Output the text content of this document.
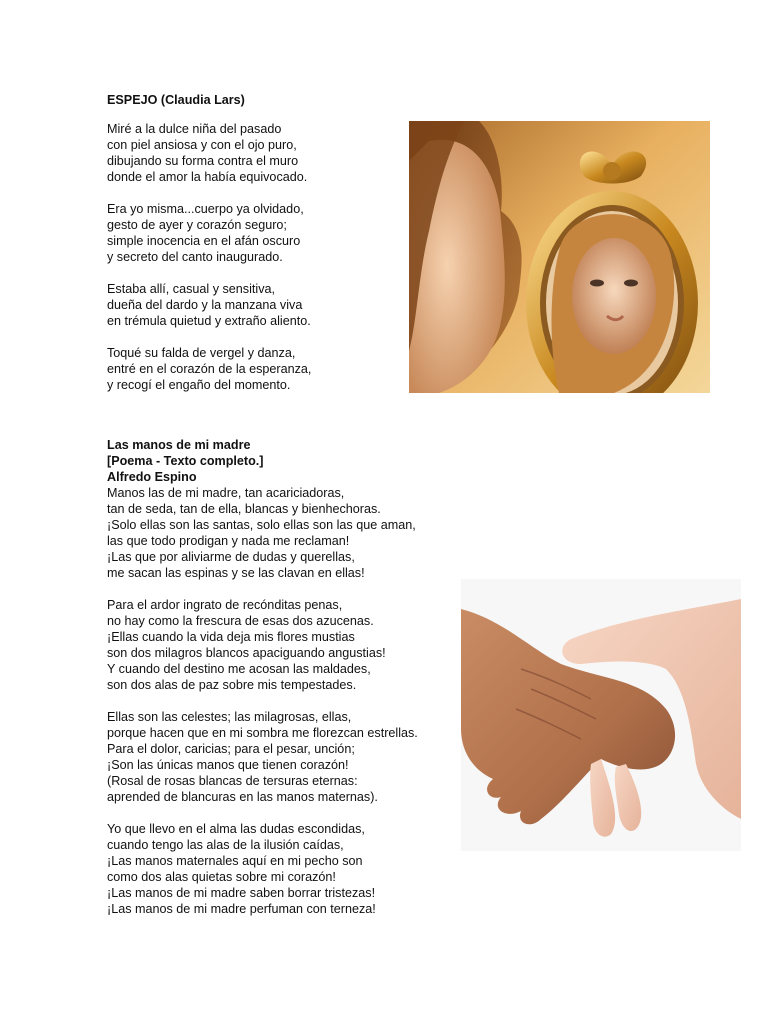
ESPEJO (Claudia Lars)
Miré a la dulce niña del pasado
con piel ansiosa y con el ojo puro,
dibujando su forma contra el muro
donde el amor la había equivocado.
Era yo misma...cuerpo ya olvidado,
gesto de ayer y corazón seguro;
simple inocencia en el afán oscuro
y secreto del canto inaugurado.
Estaba allí, casual y sensitiva,
dueña del dardo y la manzana viva
en trémula quietud y extraño aliento.
Toqué su falda de vergel y danza,
entré en el corazón de la esperanza,
y recogí el engaño del momento.
Las manos de mi madre
[Poema - Texto completo.]
Alfredo Espino
Manos las de mi madre, tan acariciadoras,
tan de seda, tan de ella, blancas y bienhechoras.
¡Solo ellas son las santas, solo ellas son las que aman,
las que todo prodigan y nada me reclaman!
¡Las que por aliviarme de dudas y querellas,
me sacan las espinas y se las clavan en ellas!
Para el ardor ingrato de recónditas penas,
no hay como la frescura de esas dos azucenas.
¡Ellas cuando la vida deja mis flores mustias
son dos milagros blancos apaciguando angustias!
Y cuando del destino me acosan las maldades,
son dos alas de paz sobre mis tempestades.
Ellas son las celestes; las milagrosas, ellas,
porque hacen que en mi sombra me florezcan estrellas.
Para el dolor, caricias; para el pesar, unción;
¡Son las únicas manos que tienen corazón!
(Rosal de rosas blancas de tersuras eternas:
aprended de blancuras en las manos maternas).
Yo que llevo en el alma las dudas escondidas,
cuando tengo las alas de la ilusión caídas,
¡Las manos maternales aquí en mi pecho son
como dos alas quietas sobre mi corazón!
¡Las manos de mi madre saben borrar tristezas!
¡Las manos de mi madre perfuman con terneza!
